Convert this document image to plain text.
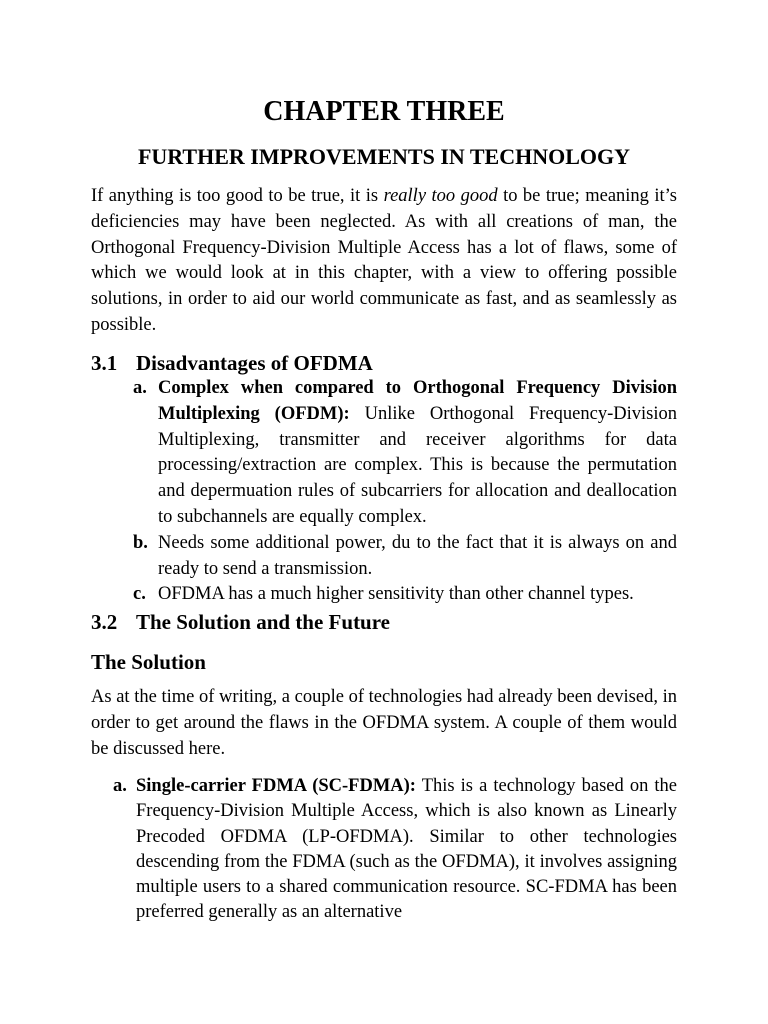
CHAPTER THREE
FURTHER IMPROVEMENTS IN TECHNOLOGY

If anything is too good to be true, it is really too good to be true; meaning it’s deficiencies may have been neglected. As with all creations of man, the Orthogonal Frequency-Division Multiple Access has a lot of flaws, some of which we would look at in this chapter, with a view to offering possible solutions, in order to aid our world communicate as fast, and as seamlessly as possible.

3.1 Disadvantages of OFDMA
a. Complex when compared to Orthogonal Frequency Division Multiplexing (OFDM): Unlike Orthogonal Frequency-Division Multiplexing, transmitter and receiver algorithms for data processing/extraction are complex. This is because the permutation and depermuation rules of subcarriers for allocation and deallocation to subchannels are equally complex.
b. Needs some additional power, du to the fact that it is always on and ready to send a transmission.
c. OFDMA has a much higher sensitivity than other channel types.
3.2 The Solution and the Future
The Solution

As at the time of writing, a couple of technologies had already been devised, in order to get around the flaws in the OFDMA system. A couple of them would be discussed here.

a. Single-carrier FDMA (SC-FDMA): This is a technology based on the Frequency-Division Multiple Access, which is also known as Linearly Precoded OFDMA (LP-OFDMA). Similar to other technologies descending from the FDMA (such as the OFDMA), it involves assigning multiple users to a shared communication resource. SC-FDMA has been preferred generally as an alternative
